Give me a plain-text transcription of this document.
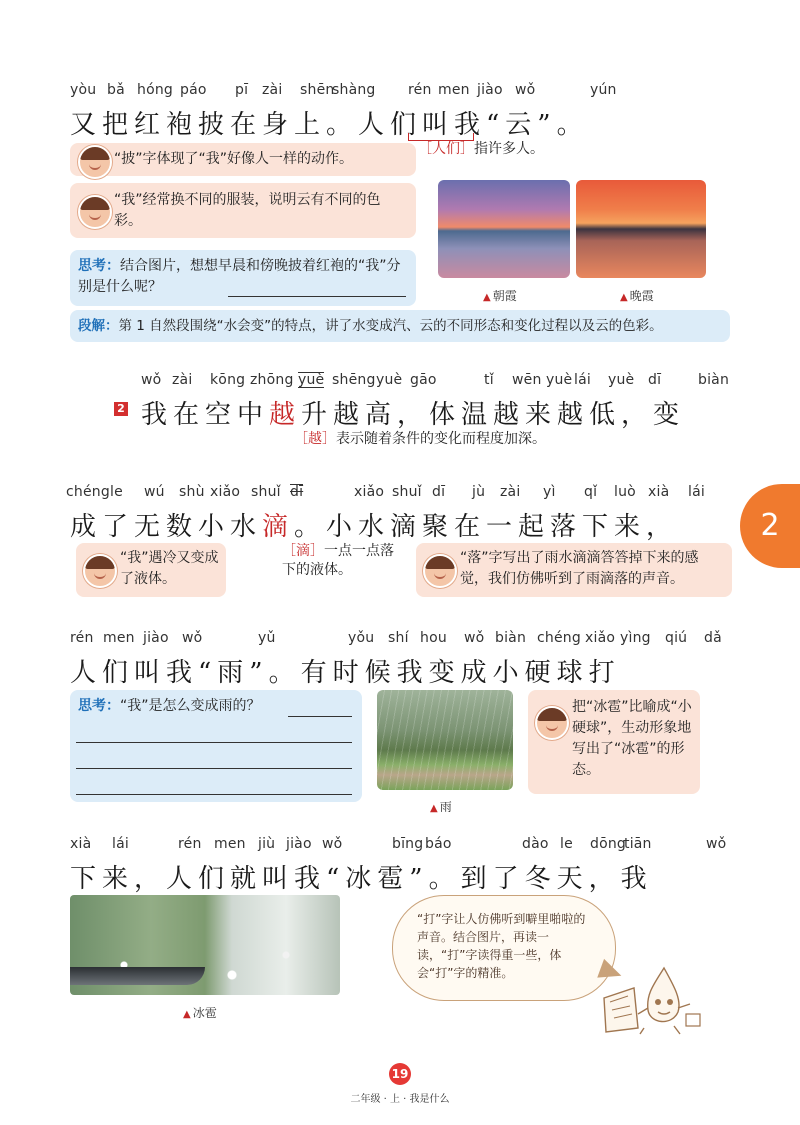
yòu bǎ hóng páo pī zài shēn
shàng rén men jiào wǒ	yún
又把红袍披在身上。人们叫我“云”。
“披”字体现了“我”好像人一样的动作。
［人们］指许多人。
“我”经常换不同的服装，说明云有不同的色彩。
思考：结合图片，想想早晨和傍晚披着红袍的“我”分别是什么呢？
▲ 朝霞	▲ 晚霞
段解：第 1 自然段围绕“水会变”的特点，讲了水变成汽、云的不同形态和变化过程以及云的色彩。
wǒ zài kōng zhōng yuè shēng yuè gāo	tǐ wēn yuè lái yuè dī	biàn
2 我在空中越升越高，体温越来越低，变
［越］表示随着条件的变化而程度加深。
chéng le wú shù xiǎo shuǐ dī	xiǎo shuǐ dī jù zài yì qǐ luò xià lái
成了无数小水滴。小水滴聚在一起落下来，	2
“我”遇冷又变成了液体。
［滴］一点一点落下的液体。
“落”字写出了雨水滴滴答答掉下来的感觉，我们仿佛听到了雨滴落的声音。
rén men jiào wǒ	yǔ	yǒu shí hou wǒ biàn chéng xiǎo yìng qiú dǎ
人们叫我“雨”。有时候我变成小硬球打
思考：“我”是怎么变成雨的？
▲ 雨
把“冰雹”比喻成“小硬球”，生动形象地写出了“冰雹”的形态。
xià lái	rén men jiù jiào wǒ	bīng báo	dào le dōng
tiān	wǒ
下来，人们就叫我“冰雹”。到了冬天，我
▲ 冰雹
“打”字让人仿佛听到噼里啪啦的声音。结合图片，再读一读，“打”字读得重一些，体会“打”字的精准。
19
二年级 · 上 · 我是什么
